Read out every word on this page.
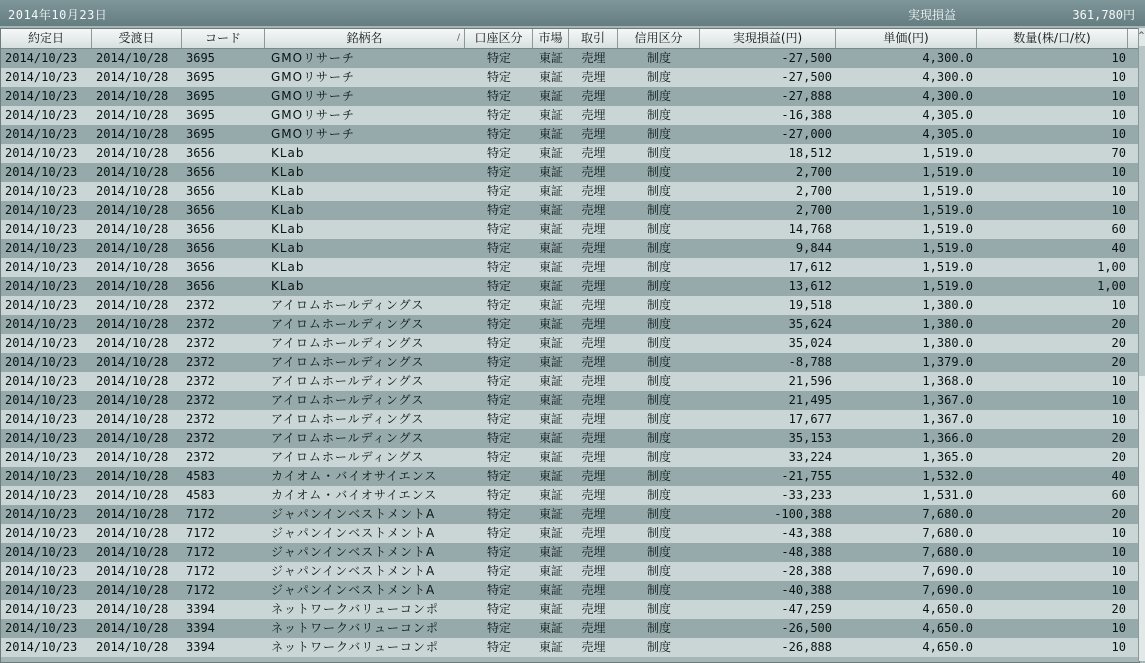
2014年10月23日	実現損益	361,780円
約定日	受渡日	コード	銘柄名	/	口座区分	市場	取引	信用区分	実現損益(円)	単価(円)	数量(株/口/枚)
2014/10/23	2014/10/28	3695	GMOリサーチ	特定	東証	売埋	制度	-27,500	4,300.0	10
2014/10/23	2014/10/28	3695	GMOリサーチ	特定	東証	売埋	制度	-27,500	4,300.0	10
2014/10/23	2014/10/28	3695	GMOリサーチ	特定	東証	売埋	制度	-27,888	4,300.0	10
2014/10/23	2014/10/28	3695	GMOリサーチ	特定	東証	売埋	制度	-16,388	4,305.0	10
2014/10/23	2014/10/28	3695	GMOリサーチ	特定	東証	売埋	制度	-27,000	4,305.0	10
2014/10/23	2014/10/28	3656	KLab	特定	東証	売埋	制度	18,512	1,519.0	70
2014/10/23	2014/10/28	3656	KLab	特定	東証	売埋	制度	2,700	1,519.0	10
2014/10/23	2014/10/28	3656	KLab	特定	東証	売埋	制度	2,700	1,519.0	10
2014/10/23	2014/10/28	3656	KLab	特定	東証	売埋	制度	2,700	1,519.0	10
2014/10/23	2014/10/28	3656	KLab	特定	東証	売埋	制度	14,768	1,519.0	60
2014/10/23	2014/10/28	3656	KLab	特定	東証	売埋	制度	9,844	1,519.0	40
2014/10/23	2014/10/28	3656	KLab	特定	東証	売埋	制度	17,612	1,519.0	1,00
2014/10/23	2014/10/28	3656	KLab	特定	東証	売埋	制度	13,612	1,519.0	1,00
2014/10/23	2014/10/28	2372	アイロムホールディングス	特定	東証	売埋	制度	19,518	1,380.0	10
2014/10/23	2014/10/28	2372	アイロムホールディングス	特定	東証	売埋	制度	35,624	1,380.0	20
2014/10/23	2014/10/28	2372	アイロムホールディングス	特定	東証	売埋	制度	35,024	1,380.0	20
2014/10/23	2014/10/28	2372	アイロムホールディングス	特定	東証	売埋	制度	-8,788	1,379.0	20
2014/10/23	2014/10/28	2372	アイロムホールディングス	特定	東証	売埋	制度	21,596	1,368.0	10
2014/10/23	2014/10/28	2372	アイロムホールディングス	特定	東証	売埋	制度	21,495	1,367.0	10
2014/10/23	2014/10/28	2372	アイロムホールディングス	特定	東証	売埋	制度	17,677	1,367.0	10
2014/10/23	2014/10/28	2372	アイロムホールディングス	特定	東証	売埋	制度	35,153	1,366.0	20
2014/10/23	2014/10/28	2372	アイロムホールディングス	特定	東証	売埋	制度	33,224	1,365.0	20
2014/10/23	2014/10/28	4583	カイオム・バイオサイエンス	特定	東証	売埋	制度	-21,755	1,532.0	40
2014/10/23	2014/10/28	4583	カイオム・バイオサイエンス	特定	東証	売埋	制度	-33,233	1,531.0	60
2014/10/23	2014/10/28	7172	ジャパンインベストメントA	特定	東証	売埋	制度	-100,388	7,680.0	20
2014/10/23	2014/10/28	7172	ジャパンインベストメントA	特定	東証	売埋	制度	-43,388	7,680.0	10
2014/10/23	2014/10/28	7172	ジャパンインベストメントA	特定	東証	売埋	制度	-48,388	7,680.0	10
2014/10/23	2014/10/28	7172	ジャパンインベストメントA	特定	東証	売埋	制度	-28,388	7,690.0	10
2014/10/23	2014/10/28	7172	ジャパンインベストメントA	特定	東証	売埋	制度	-40,388	7,690.0	10
2014/10/23	2014/10/28	3394	ネットワークバリューコンポ	特定	東証	売埋	制度	-47,259	4,650.0	20
2014/10/23	2014/10/28	3394	ネットワークバリューコンポ	特定	東証	売埋	制度	-26,500	4,650.0	10
2014/10/23	2014/10/28	3394	ネットワークバリューコンポ	特定	東証	売埋	制度	-26,888	4,650.0	10
^
